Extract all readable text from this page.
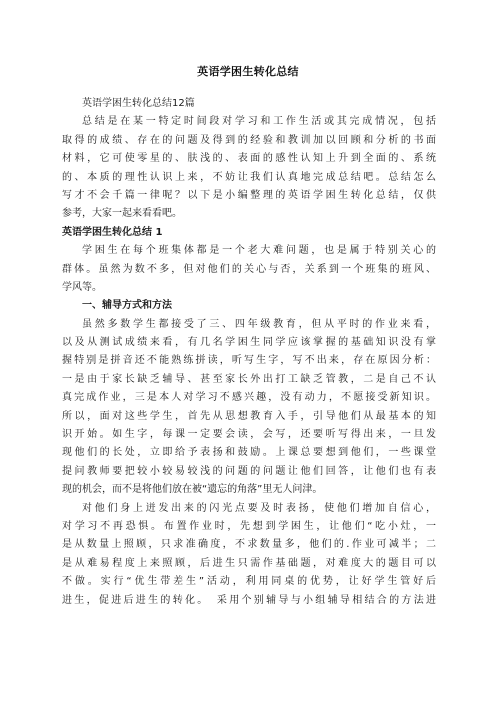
英语学困生转化总结
英语学困生转化总结12篇
总结是在某一特定时间段对学习和工作生活或其完成情况，包括
取得的成绩、存在的问题及得到的经验和教训加以回顾和分析的书面
材料，它可使零星的、肤浅的、表面的感性认知上升到全面的、系统
的、本质的理性认识上来，不妨让我们认真地完成总结吧。总结怎么
写才不会千篇一律呢？以下是小编整理的英语学困生转化总结，仅供
参考，大家一起来看看吧。
英语学困生转化总结 1
学困生在每个班集体都是一个老大难问题，也是属于特别关心的
群体。虽然为数不多，但对他们的关心与否，关系到一个班集的班风、
学风等。
一、辅导方式和方法
虽然多数学生都接受了三、四年级教育，但从平时的作业来看，
以及从测试成绩来看，有几名学困生同学应该掌握的基础知识没有掌
握特别是拼音还不能熟练拼读，听写生字，写不出来，存在原因分析：
一是由于家长缺乏辅导、甚至家长外出打工缺乏管教，二是自己不认
真完成作业，三是本人对学习不感兴趣，没有动力，不愿接受新知识。
所以，面对这些学生，首先从思想教育入手，引导他们从最基本的知
识开始。如生字，每课一定要会读，会写，还要听写得出来，一旦发
现他们的长处，立即给予表扬和鼓励。上课总要想到他们，一些课堂
提问教师要把较小较易较浅的问题的问题让他们回答，让他们也有表
现的机会，而不是将他们放在被“遗忘的角落”里无人问津。
对他们身上迸发出来的闪光点要及时表扬，使他们增加自信心，
对学习不再恐惧。布置作业时，先想到学困生，让他们“吃小灶，一
是从数量上照顾，只求准确度，不求数量多，他们的.作业可减半；二
是从难易程度上来照顾，后进生只需作基础题，对难度大的题目可以
不做。实行“优生带差生”活动，利用同桌的优势，让好学生管好后
进生，促进后进生的转化。　采用个别辅导与小组辅导相结合的方法进
